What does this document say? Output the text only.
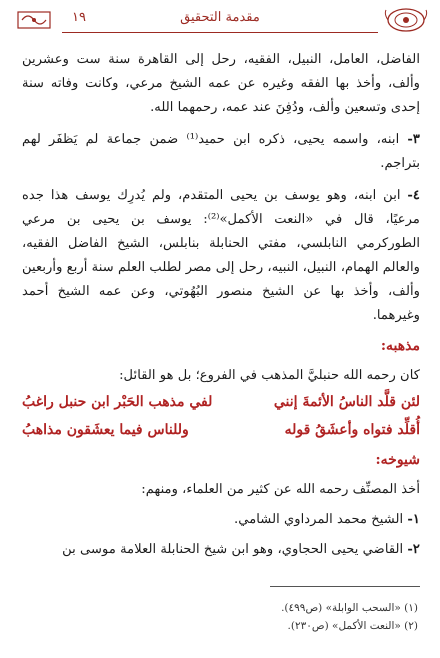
مقدمة التحقيق
١٩

الفاضل، العامل، النبيل، الفقيه، رحل إلى القاهرة سنة ست وعشرين وألف، وأخذ بها الفقه وغيره عن عمه الشيخ مرعي، وكانت وفاته سنة إحدى وتسعين وألف، ودُفِنَ عند عمه، رحمهما الله.

٣- ابنه، واسمه يحيى، ذكره ابن حميد⁽¹⁾ ضمن جماعة لم يَظفَر لهم بتراجم.

٤- ابن ابنه، وهو يوسف بن يحيى المتقدم، ولم يُدرِك يوسف هذا جده مرعيًا، قال في «النعت الأكمل»⁽²⁾: يوسف بن يحيى بن مرعي الطوركرمي النابلسي، مفتي الحنابلة بنابلس، الشيخ الفاضل الفقيه، والعالم الهمام، النبيل، النبيه، رحل إلى مصر لطلب العلم سنة أربع وأربعين وألف، وأخذ بها عن الشيخ منصور البُهُوتي، وعن عمه الشيخ أحمد وغيرهما.

مذهبه:

كان رحمه الله حنبليَّ المذهب في الفروع؛ بل هو القائل:

لئن قلَّد الناسُ الأئمةَ إنني
لفي مذهب الحَبْر ابن حنبل راغبُ
أُقلِّد فتواه وأعشَقُ قوله
وللناس فيما يعشَقون مذاهبُ
شيوخه:

أخذ المصنِّف رحمه الله عن كثير من العلماء، ومنهم:

١- الشيخ محمد المرداوي الشامي.

٢- القاضي يحيى الحجاوي، وهو ابن شيخ الحنابلة العلامة موسى بن

(١) «السحب الوابلة» (ص٤٩٩).
(٢) «النعت الأكمل» (ص٢٣٠).
